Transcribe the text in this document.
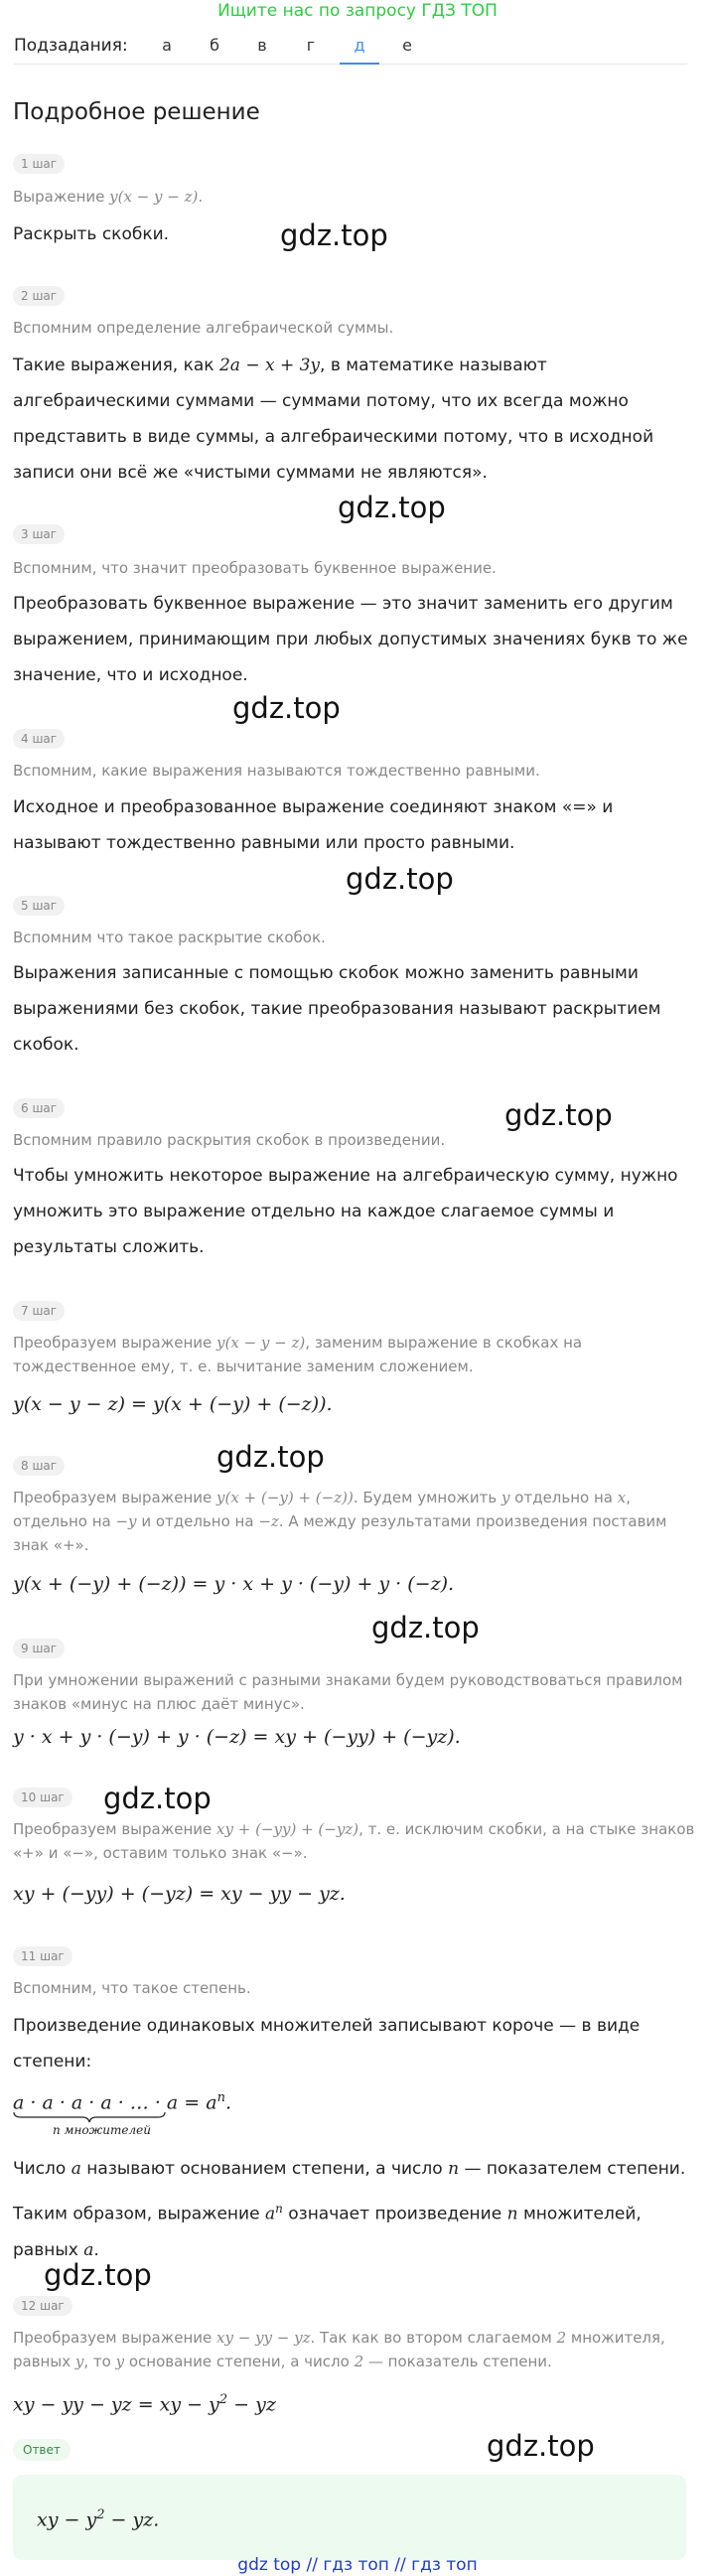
Ищите нас по запросу ГДЗ ТОП
Подзадания:	а	б	в	г	д	е
Подробное решение
1 шаг
Выражение y(x − y − z).
Раскрыть скобки.	gdz.top
2 шаг
Вспомним определение алгебраической суммы.
Такие выражения, как 2a − x + 3y, в математике называют алгебраическими суммами — суммами потому, что их всегда можно представить в виде суммы, а алгебраическими потому, что в исходной записи они всё же «чистыми суммами не являются».
gdz.top
3 шаг
Вспомним, что значит преобразовать буквенное выражение.
Преобразовать буквенное выражение — это значит заменить его другим выражением, принимающим при любых допустимых значениях букв то же значение, что и исходное.
gdz.top
4 шаг
Вспомним, какие выражения называются тождественно равными.
Исходное и преобразованное выражение соединяют знаком «=» и называют тождественно равными или просто равными.
gdz.top
5 шаг
Вспомним что такое раскрытие скобок.
Выражения записанные с помощью скобок можно заменить равными выражениями без скобок, такие преобразования называют раскрытием скобок.
gdz.top
6 шаг
Вспомним правило раскрытия скобок в произведении.
Чтобы умножить некоторое выражение на алгебраическую сумму, нужно умножить это выражение отдельно на каждое слагаемое суммы и результаты сложить.
7 шаг
Преобразуем выражение y(x − y − z), заменим выражение в скобках на тождественное ему, т. е. вычитание заменим сложением.
y(x − y − z) = y(x + (−y) + (−z)).
gdz.top
8 шаг
Преобразуем выражение y(x + (−y) + (−z)). Будем умножить y отдельно на x, отдельно на −y и отдельно на −z. А между результатами произведения поставим знак «+».
y(x + (−y) + (−z)) = y · x + y · (−y) + y · (−z).
gdz.top
9 шаг
При умножении выражений с разными знаками будем руководствоваться правилом знаков «минус на плюс даёт минус».
y · x + y · (−y) + y · (−z) = xy + (−yy) + (−yz).
10 шаг gdz.top
Преобразуем выражение xy + (−yy) + (−yz), т. е. исключим скобки, а на стыке знаков «+» и «−», оставим только знак «−».
xy + (−yy) + (−yz) = xy − yy − yz.
11 шаг
Вспомним, что такое степень.
Произведение одинаковых множителей записывают короче — в виде степени:
a · a · a · a · … · $a = a^n$.
n множителей
Число a называют основанием степени, а число n — показателем степени.
Таким образом, выражение $a^n$ означает произведение n множителей, равных a.
gdz.top
12 шаг
Преобразуем выражение xy − yy − yz. Так как во втором слагаемом 2 множителя, равных y, то y основание степени, а число 2 — показатель степени.
xy − yy − yz = xy − $y^2$ − yz
gdz.top
Ответ
xy − $y^2$ − yz.
gdz top // гдз топ // гдз топ
